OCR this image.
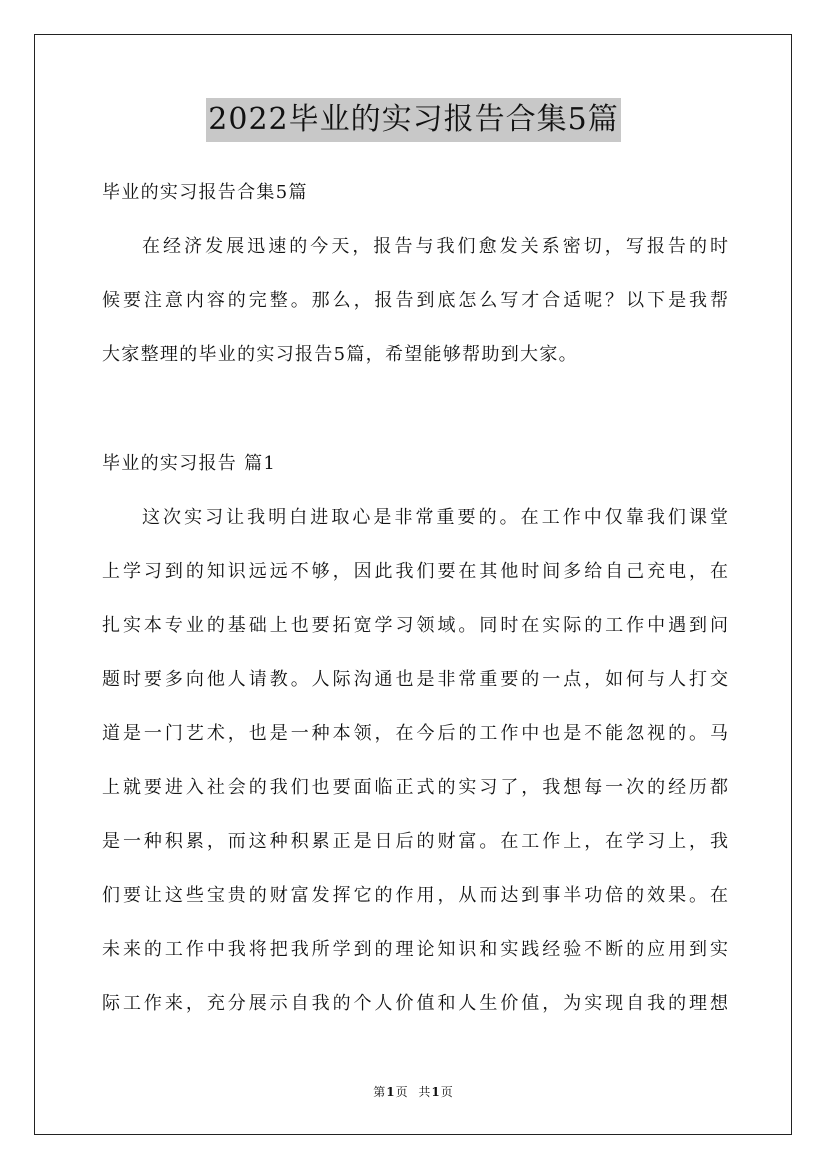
2022毕业的实习报告合集5篇
毕业的实习报告合集5篇
在经济发展迅速的今天，报告与我们愈发关系密切，写报告的时
候要注意内容的完整。那么，报告到底怎么写才合适呢？以下是我帮
大家整理的毕业的实习报告5篇，希望能够帮助到大家。
毕业的实习报告 篇1
这次实习让我明白进取心是非常重要的。在工作中仅靠我们课堂
上学习到的知识远远不够，因此我们要在其他时间多给自己充电，在
扎实本专业的基础上也要拓宽学习领域。同时在实际的工作中遇到问
题时要多向他人请教。人际沟通也是非常重要的一点，如何与人打交
道是一门艺术，也是一种本领，在今后的工作中也是不能忽视的。马
上就要进入社会的我们也要面临正式的实习了，我想每一次的经历都
是一种积累，而这种积累正是日后的财富。在工作上，在学习上，我
们要让这些宝贵的财富发挥它的作用，从而达到事半功倍的效果。在
未来的工作中我将把我所学到的理论知识和实践经验不断的应用到实
际工作来，充分展示自我的个人价值和人生价值，为实现自我的理想
第1页 共1页
